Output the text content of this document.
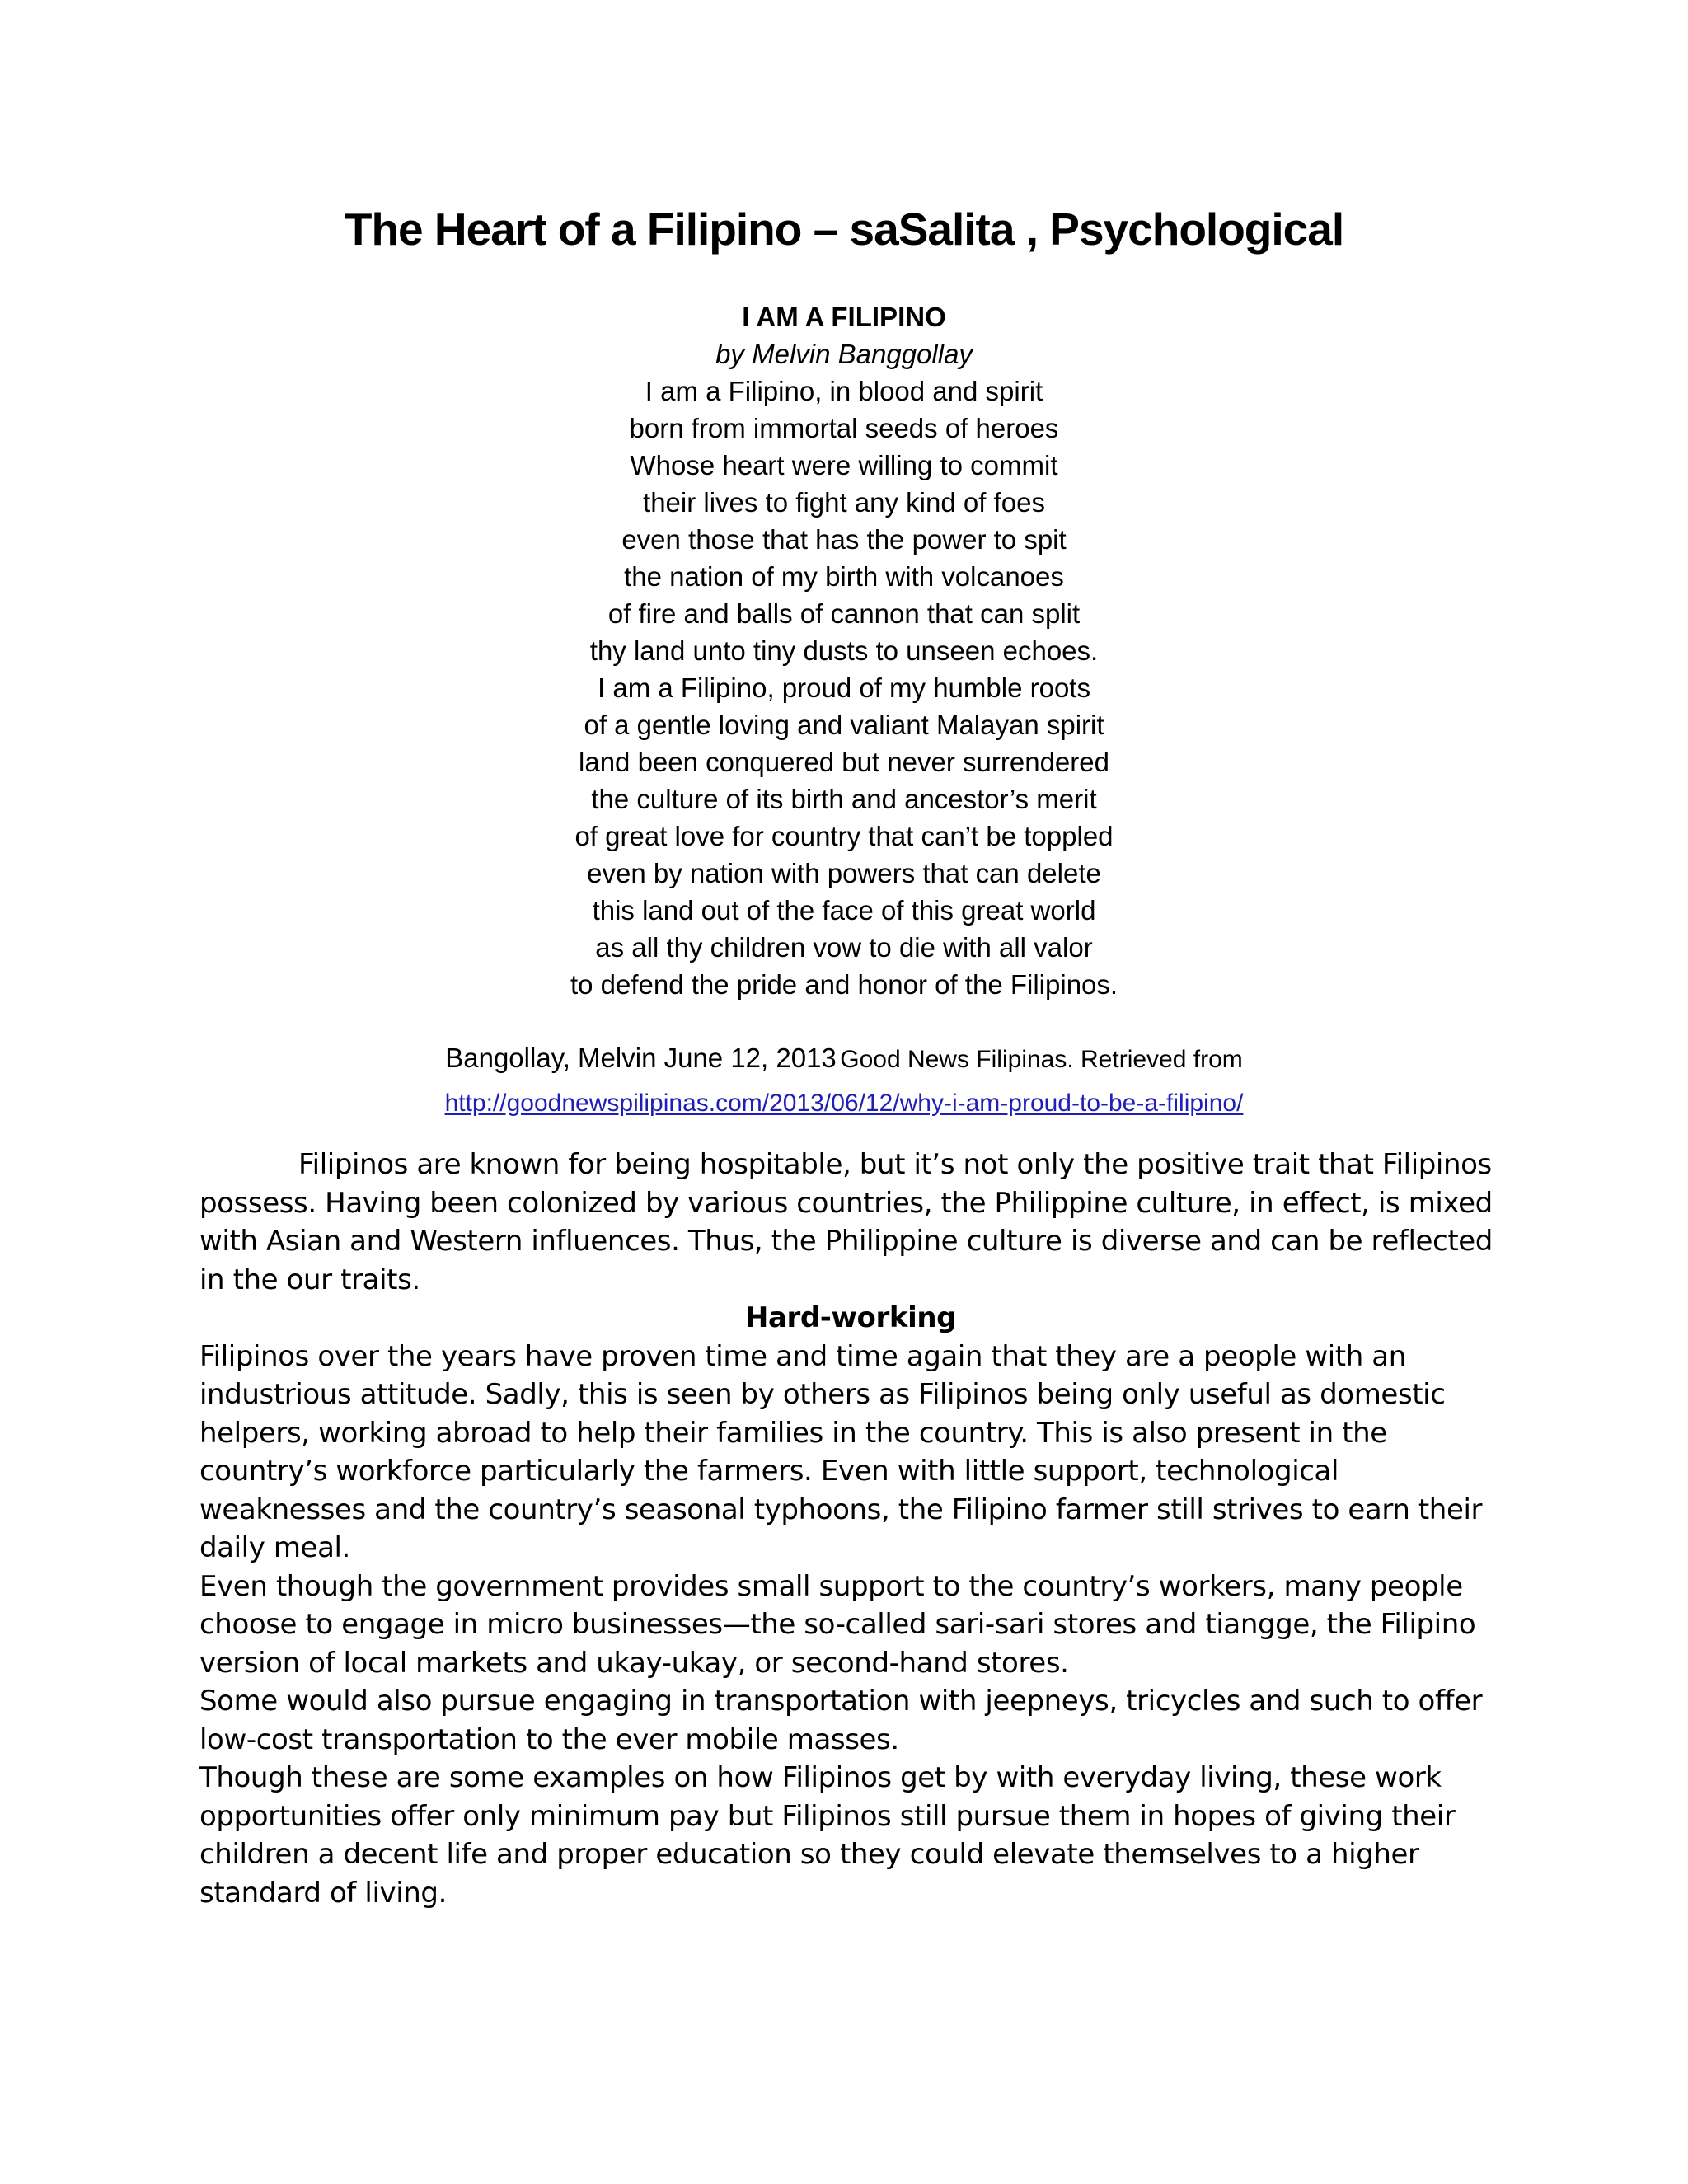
The Heart of a Filipino – saSalita , Psychological
I AM A FILIPINO
by Melvin Banggollay
I am a Filipino, in blood and spirit
born from immortal seeds of heroes
Whose heart were willing to commit
their lives to fight any kind of foes
even those that has the power to spit
the nation of my birth with volcanoes
of fire and balls of cannon that can split
thy land unto tiny dusts to unseen echoes.
I am a Filipino, proud of my humble roots
of a gentle loving and valiant Malayan spirit
land been conquered but never surrendered
the culture of its birth and ancestor’s merit
of great love for country that can’t be toppled
even by nation with powers that can delete
this land out of the face of this great world
as all thy children vow to die with all valor
to defend the pride and honor of the Filipinos.
Bangollay, Melvin June 12, 2013 Good News Filipinas. Retrieved from
http://goodnewspilipinas.com/2013/06/12/why-i-am-proud-to-be-a-filipino/

Filipinos are known for being hospitable, but it’s not only the positive trait that Filipinos possess. Having been colonized by various countries, the Philippine culture, in effect, is mixed with Asian and Western influences. Thus, the Philippine culture is diverse and can be reflected in the our traits.

Hard-working

Filipinos over the years have proven time and time again that they are a people with an industrious attitude. Sadly, this is seen by others as Filipinos being only useful as domestic helpers, working abroad to help their families in the country. This is also present in the country’s workforce particularly the farmers. Even with little support, technological weaknesses and the country’s seasonal typhoons, the Filipino farmer still strives to earn their daily meal.

Even though the government provides small support to the country’s workers, many people choose to engage in micro businesses—the so-called sari-sari stores and tiangge, the Filipino version of local markets and ukay-ukay, or second-hand stores.

Some would also pursue engaging in transportation with jeepneys, tricycles and such to offer low-cost transportation to the ever mobile masses.

Though these are some examples on how Filipinos get by with everyday living, these work opportunities offer only minimum pay but Filipinos still pursue them in hopes of giving their children a decent life and proper education so they could elevate themselves to a higher standard of living.
